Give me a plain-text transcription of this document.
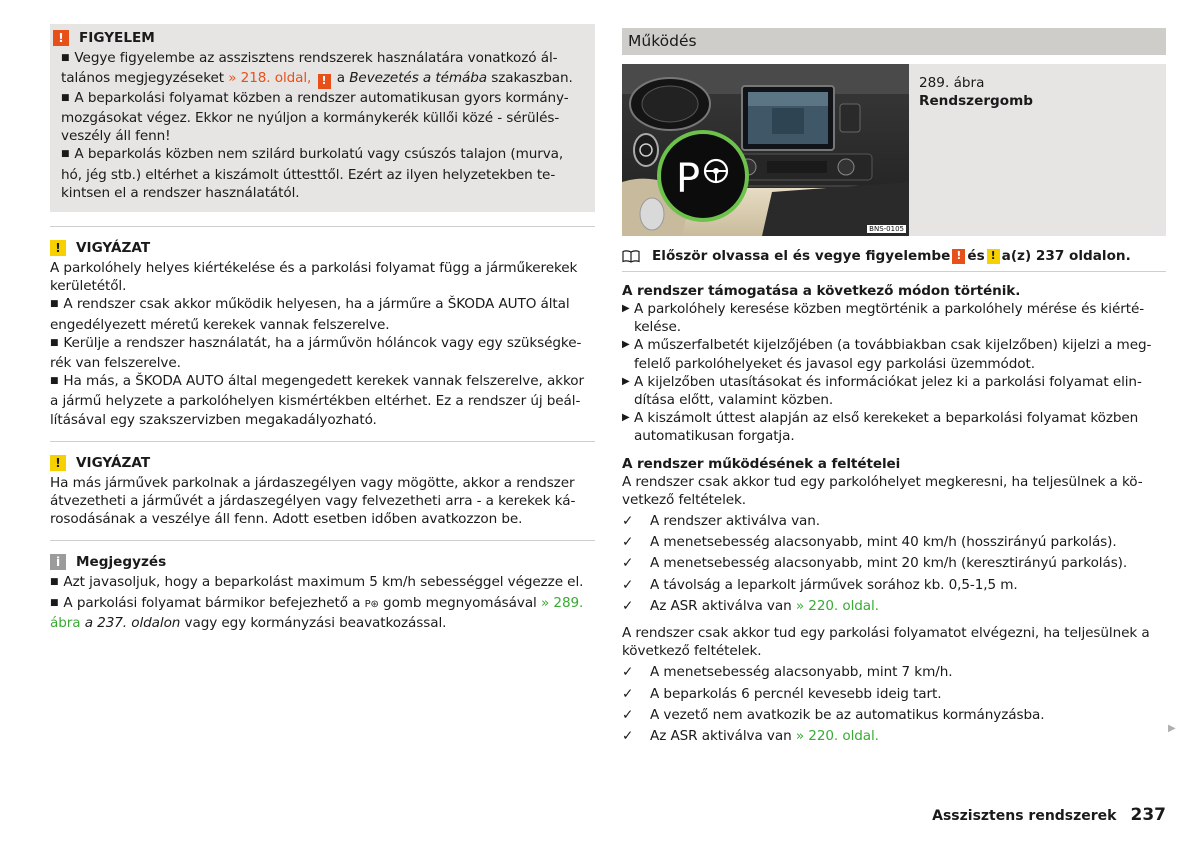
!	FIGYELEM
■ Vegye figyelembe az asszisztens rendszerek használatára vonatkozó ál-
talános megjegyzéseket » 218. oldal, ! a Bevezetés a témába szakaszban.
■ A beparkolási folyamat közben a rendszer automatikusan gyors kormány-
mozgásokat végez. Ekkor ne nyúljon a kormánykerék küllői közé - sérülés-
veszély áll fenn!
■ A beparkolás közben nem szilárd burkolatú vagy csúszós talajon (murva,
hó, jég stb.) eltérhet a kiszámolt úttesttől. Ezért az ilyen helyzetekben te-
kintsen el a rendszer használatától.
!	VIGYÁZAT
A parkolóhely helyes kiértékelése és a parkolási folyamat függ a járműkerekek
kerületétől.
■ A rendszer csak akkor működik helyesen, ha a járműre a ŠKODA AUTO által
engedélyezett méretű kerekek vannak felszerelve.
■ Kerülje a rendszer használatát, ha a járművön hóláncok vagy egy szükségke-
rék van felszerelve.
■ Ha más, a ŠKODA AUTO által megengedett kerekek vannak felszerelve, akkor
a jármű helyzete a parkolóhelyen kismértékben eltérhet. Ez a rendszer új beál-
lításával egy szakszervizben megakadályozható.
!	VIGYÁZAT
Ha más járművek parkolnak a járdaszegélyen vagy mögötte, akkor a rendszer
átvezetheti a járművét a járdaszegélyen vagy felvezetheti arra - a kerekek ká-
rosodásának a veszélye áll fenn. Adott esetben időben avatkozzon be.
i	Megjegyzés
■ Azt javasoljuk, hogy a beparkolást maximum 5 km/h sebességgel végezze el.
■ A parkolási folyamat bármikor befejezhető a P⊛ gomb megnyomásával » 289.
ábra a 237. oldalon vagy egy kormányzási beavatkozással.
Működés
P
BNS-0105
289. ábra
Rendszergomb
Először olvassa el és vegye figyelembe ! és ! a(z) 237 oldalon.
A rendszer támogatása a következő módon történik.
▶ A parkolóhely keresése közben megtörténik a parkolóhely mérése és kiérté-
kelése.
▶ A műszerfalbetét kijelzőjében (a továbbiakban csak kijelzőben) kijelzi a meg-
felelő parkolóhelyeket és javasol egy parkolási üzemmódot.
▶ A kijelzőben utasításokat és információkat jelez ki a parkolási folyamat elin-
dítása előtt, valamint közben.
▶ A kiszámolt úttest alapján az első kerekeket a beparkolási folyamat közben
automatikusan forgatja.
A rendszer működésének a feltételei
A rendszer csak akkor tud egy parkolóhelyet megkeresni, ha teljesülnek a kö-
vetkező feltételek.
✓	A rendszer aktiválva van.
✓	A menetsebesség alacsonyabb, mint 40 km/h (hosszirányú parkolás).
✓	A menetsebesség alacsonyabb, mint 20 km/h (keresztirányú parkolás).
✓	A távolság a leparkolt járművek sorához kb. 0,5-1,5 m.
✓	Az ASR aktiválva van » 220. oldal.
A rendszer csak akkor tud egy parkolási folyamatot elvégezni, ha teljesülnek a
következő feltételek.
✓	A menetsebesség alacsonyabb, mint 7 km/h.
✓	A beparkolás 6 percnél kevesebb ideig tart.
✓	A vezető nem avatkozik be az automatikus kormányzásba.
✓	Az ASR aktiválva van » 220. oldal.	▶
Asszisztens rendszerek 237
